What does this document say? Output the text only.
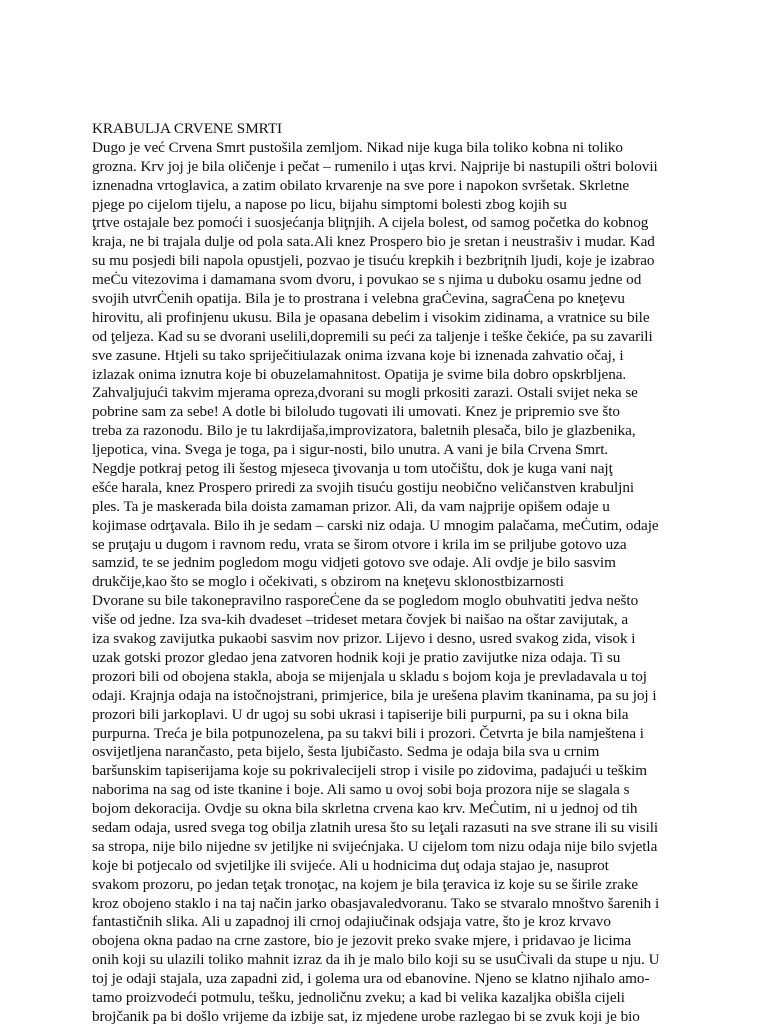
KRABULJA CRVENE SMRTI
Dugo je već Crvena Smrt pustošila zemljom. Nikad nije kuga bila toliko kobna ni toliko
grozna. Krv joj je bila oličenje i pečat – rumenilo i uţas krvi. Najprije bi nastupili oštri bolovii
iznenadna vrtoglavica, a zatim obilato krvarenje na sve pore i napokon svršetak. Skrletne
pjege po cijelom tijelu, a napose po licu, bijahu simptomi bolesti zbog kojih su
ţrtve ostajale bez pomoći i suosjećanja bliţnjih. A cijela bolest, od samog početka do kobnog
kraja, ne bi trajala dulje od pola sata.Ali knez Prospero bio je sretan i neustrašiv i mudar. Kad
su mu posjedi bili napola opustjeli, pozvao je tisuću krepkih i bezbriţnih ljudi, koje je izabrao
meĊu vitezovima i damamana svom dvoru, i povukao se s njima u duboku osamu jedne od
svojih utvrĊenih opatija. Bila je to prostrana i velebna graĊevina, sagraĊena po kneţevu
hirovitu, ali profinjenu ukusu. Bila je opasana debelim i visokim zidinama, a vratnice su bile
od ţeljeza. Kad su se dvorani uselili,dopremili su peći za taljenje i teške čekiće, pa su zavarili
sve zasune. Htjeli su tako spriječitiulazak onima izvana koje bi iznenada zahvatio očaj, i
izlazak onima iznutra koje bi obuzelamahnitost. Opatija je svime bila dobro opskrbljena.
Zahvaljujući takvim mjerama opreza,dvorani su mogli prkositi zarazi. Ostali svijet neka se
pobrine sam za sebe! A dotle bi biloludo tugovati ili umovati. Knez je pripremio sve što
treba za razonodu. Bilo je tu lakrdijaša,improvizatora, baletnih plesača, bilo je glazbenika,
ljepotica, vina. Svega je toga, pa i sigur-nosti, bilo unutra. A vani je bila Crvena Smrt.
Negdje potkraj petog ili šestog mjeseca ţivovanja u tom utočištu, dok je kuga vani najţ
ešće harala, knez Prospero priredi za svojih tisuću gostiju neobično veličanstven krabuljni
ples. Ta je maskerada bila doista zamaman prizor. Ali, da vam najprije opišem odaje u
kojimase odrţavala. Bilo ih je sedam – carski niz odaja. U mnogim palačama, meĊutim, odaje
se pruţaju u dugom i ravnom redu, vrata se širom otvore i krila im se priljube gotovo uza
samzid, te se jednim pogledom mogu vidjeti gotovo sve odaje. Ali ovdje je bilo sasvim
drukčije,kao što se moglo i očekivati, s obzirom na kneţevu sklonostbizarnosti
Dvorane su bile takonepravilno rasporeĊene da se pogledom moglo obuhvatiti jedva nešto
više od jedne. Iza sva-kih dvadeset –trideset metara čovjek bi naišao na oštar zavijutak, a
iza svakog zavijutka pukaobi sasvim nov prizor. Lijevo i desno, usred svakog zida, visok i
uzak gotski prozor gledao jena zatvoren hodnik koji je pratio zavijutke niza odaja. Ti su
prozori bili od obojena stakla, aboja se mijenjala u skladu s bojom koja je prevladavala u toj
odaji. Krajnja odaja na istočnojstrani, primjerice, bila je urešena plavim tkaninama, pa su joj i
prozori bili jarkoplavi. U dr ugoj su sobi ukrasi i tapiserije bili purpurni, pa su i okna bila
purpurna. Treća je bila potpunozelena, pa su takvi bili i prozori. Četvrta je bila namještena i
osvijetljena narančasto, peta bijelo, šesta ljubičasto. Sedma je odaja bila sva u crnim
baršunskim tapiserijama koje su pokrivalecijeli strop i visile po zidovima, padajući u teškim
naborima na sag od iste tkanine i boje. Ali samo u ovoj sobi boja prozora nije se slagala s
bojom dekoracija. Ovdje su okna bila skrletna crvena kao krv. MeĊutim, ni u jednoj od tih
sedam odaja, usred svega tog obilja zlatnih uresa što su leţali razasuti na sve strane ili su visili
sa stropa, nije bilo nijedne sv jetiljke ni svijećnjaka. U cijelom tom nizu odaja nije bilo svjetla
koje bi potjecalo od svjetiljke ili svijeće. Ali u hodnicima duţ odaja stajao je, nasuprot
svakom prozoru, po jedan teţak tronoţac, na kojem je bila ţeravica iz koje su se širile zrake
kroz obojeno staklo i na taj način jarko obasjavaledvoranu. Tako se stvaralo mnoštvo šarenih i
fantastičnih slika. Ali u zapadnoj ili crnoj odajiučinak odsjaja vatre, što je kroz krvavo
obojena okna padao na crne zastore, bio je jezovit preko svake mjere, i pridavao je licima
onih koji su ulazili toliko mahnit izraz da ih je malo bilo koji su se usuĊivali da stupe u nju. U
toj je odaji stajala, uza zapadni zid, i golema ura od ebanovine. Njeno se klatno njihalo amo-
tamo proizvodeći potmulu, tešku, jednoličnu zveku; a kad bi velika kazaljka obišla cijeli
brojčanik pa bi došlo vrijeme da izbije sat, iz mjedene urobe razlegao bi se zvuk koji je bio
